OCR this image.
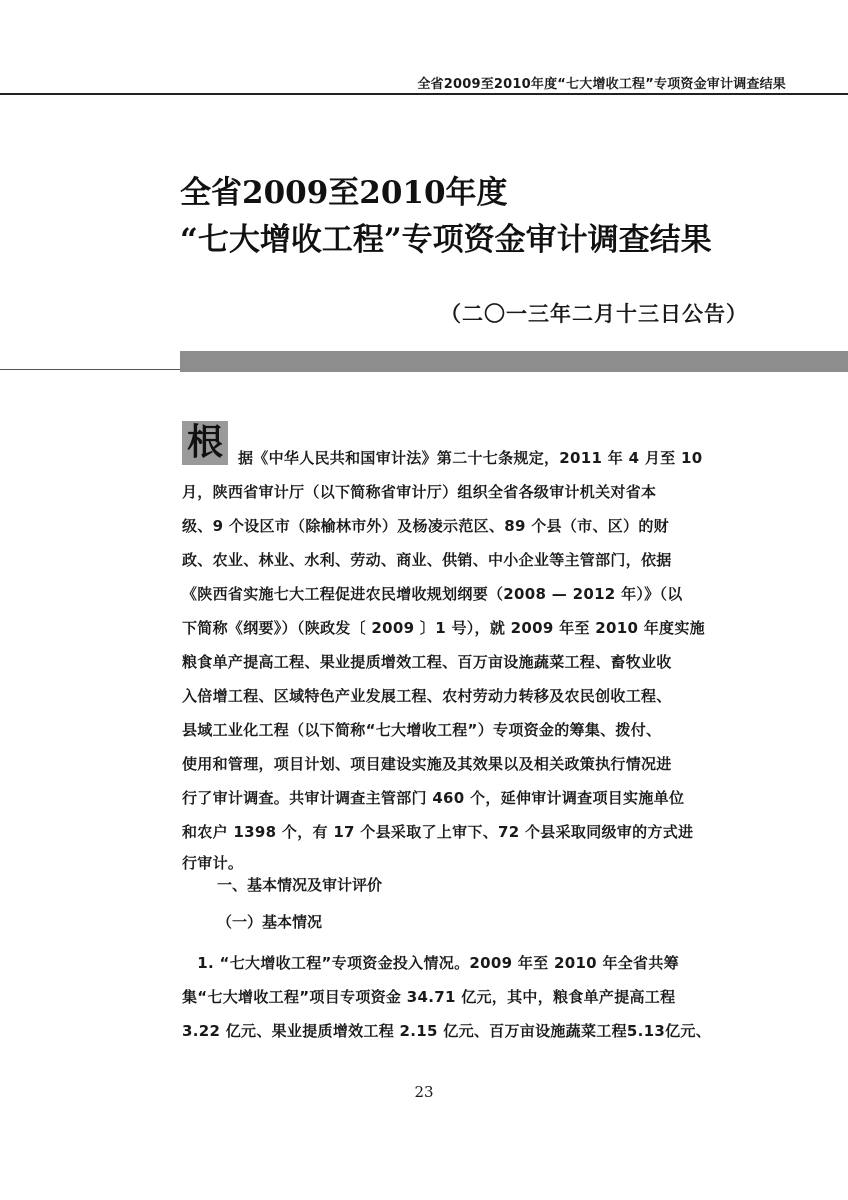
全省2009至2010年度“七大增收工程”专项资金审计调查结果
全省2009至2010年度
“七大增收工程”专项资金审计调查结果
（二〇一三年二月十三日公告）
根	据《中华人民共和国审计法》第二十七条规定，2011 年 4 月至 10
月，陕西省审计厅（以下简称省审计厅）组织全省各级审计机关对省本
级、9 个设区市（除榆林市外）及杨凌示范区、89 个县（市、区）的财
政、农业、林业、水利、劳动、商业、供销、中小企业等主管部门，依据
《陕西省实施七大工程促进农民增收规划纲要（2008 — 2012 年）》（以
下简称《纲要》）（陕政发〔 2009 〕1 号），就 2009 年至 2010 年度实施
粮食单产提高工程、果业提质增效工程、百万亩设施蔬菜工程、畜牧业收
入倍增工程、区域特色产业发展工程、农村劳动力转移及农民创收工程、
县域工业化工程（以下简称“七大增收工程”）专项资金的筹集、拨付、
使用和管理，项目计划、项目建设实施及其效果以及相关政策执行情况进
行了审计调查。共审计调查主管部门 460 个，延伸审计调查项目实施单位
和农户 1398 个，有 17 个县采取了上审下、72 个县采取同级审的方式进
行审计。
一、基本情况及审计评价
（一）基本情况
　1. “七大增收工程”专项资金投入情况。2009 年至 2010 年全省共筹
集“七大增收工程”项目专项资金 34.71 亿元，其中，粮食单产提高工程
3.22 亿元、果业提质增效工程 2.15 亿元、百万亩设施蔬菜工程5.13亿元、
23
